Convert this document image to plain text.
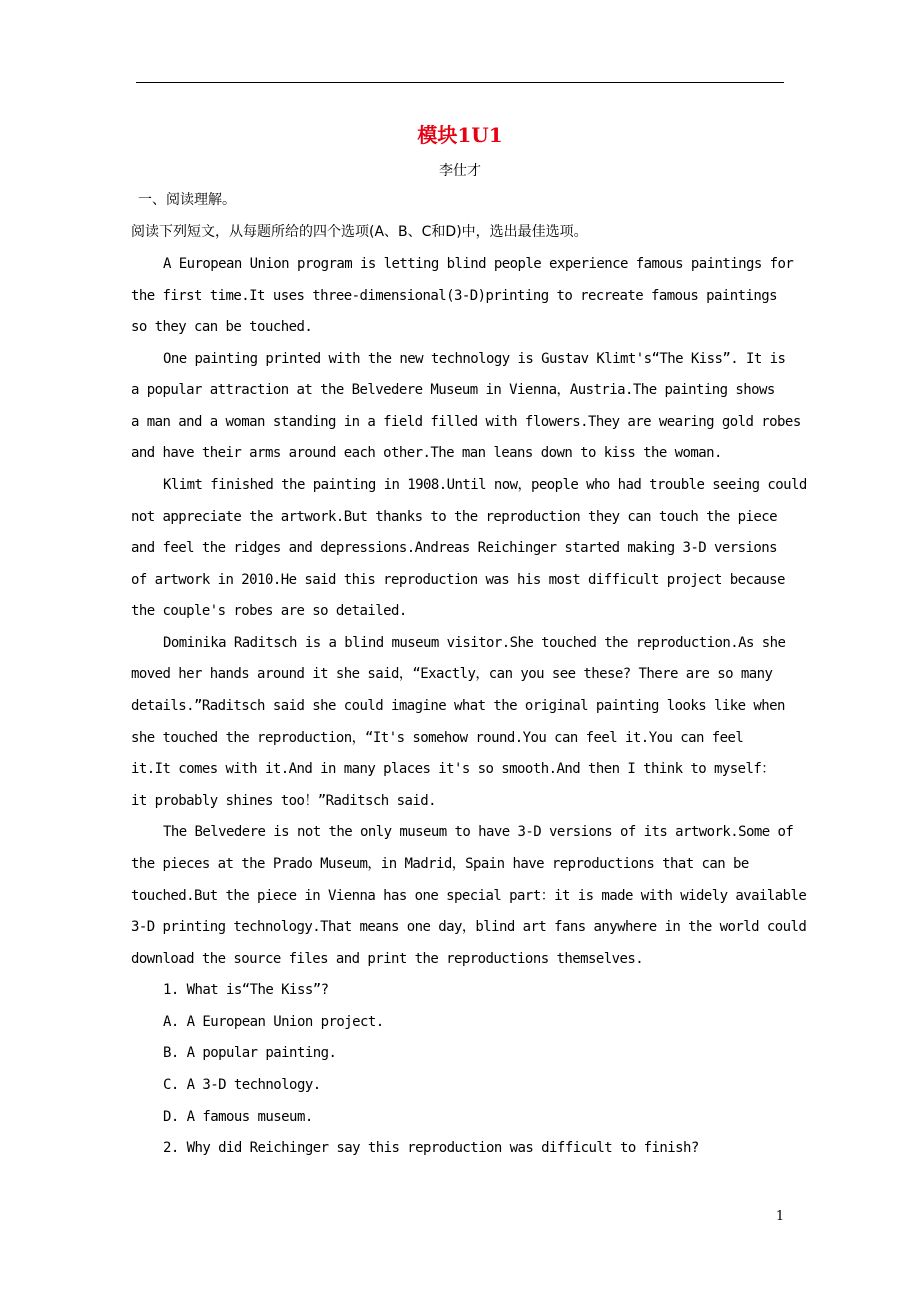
模块1U1
李仕才
一、阅读理解。
阅读下列短文，从每题所给的四个选项(A、B、C和D)中，选出最佳选项。
A European Union program is letting blind people experience famous paintings for
the first time.It uses three-dimensional(3-D)printing to recreate famous paintings
so they can be touched.
One painting printed with the new technology is Gustav Klimt's“The Kiss”. It is
a popular attraction at the Belvedere Museum in Vienna，Austria.The painting shows
a man and a woman standing in a field filled with flowers.They are wearing gold robes
and have their arms around each other.The man leans down to kiss the woman.
Klimt finished the painting in 1908.Until now，people who had trouble seeing could
not appreciate the artwork.But thanks to the reproduction they can touch the piece
and feel the ridges and depressions.Andreas Reichinger started making 3-D versions
of artwork in 2010.He said this reproduction was his most difficult project because
the couple's robes are so detailed.
Dominika Raditsch is a blind museum visitor.She touched the reproduction.As she
moved her hands around it she said，“Exactly，can you see these? There are so many
details.”Raditsch said she could imagine what the original painting looks like when
she touched the reproduction，“It's somehow round.You can feel it.You can feel
it.It comes with it.And in many places it's so smooth.And then I think to myself：
it probably shines too！”Raditsch said.
The Belvedere is not the only museum to have 3-D versions of its artwork.Some of
the pieces at the Prado Museum，in Madrid，Spain have reproductions that can be
touched.But the piece in Vienna has one special part：it is made with widely available
3-D printing technology.That means one day，blind art fans anywhere in the world could
download the source files and print the reproductions themselves.
1. What is“The Kiss”?
A. A European Union project.
B. A popular painting.
C. A 3-D technology.
D. A famous museum.
2. Why did Reichinger say this reproduction was difficult to finish?
1
